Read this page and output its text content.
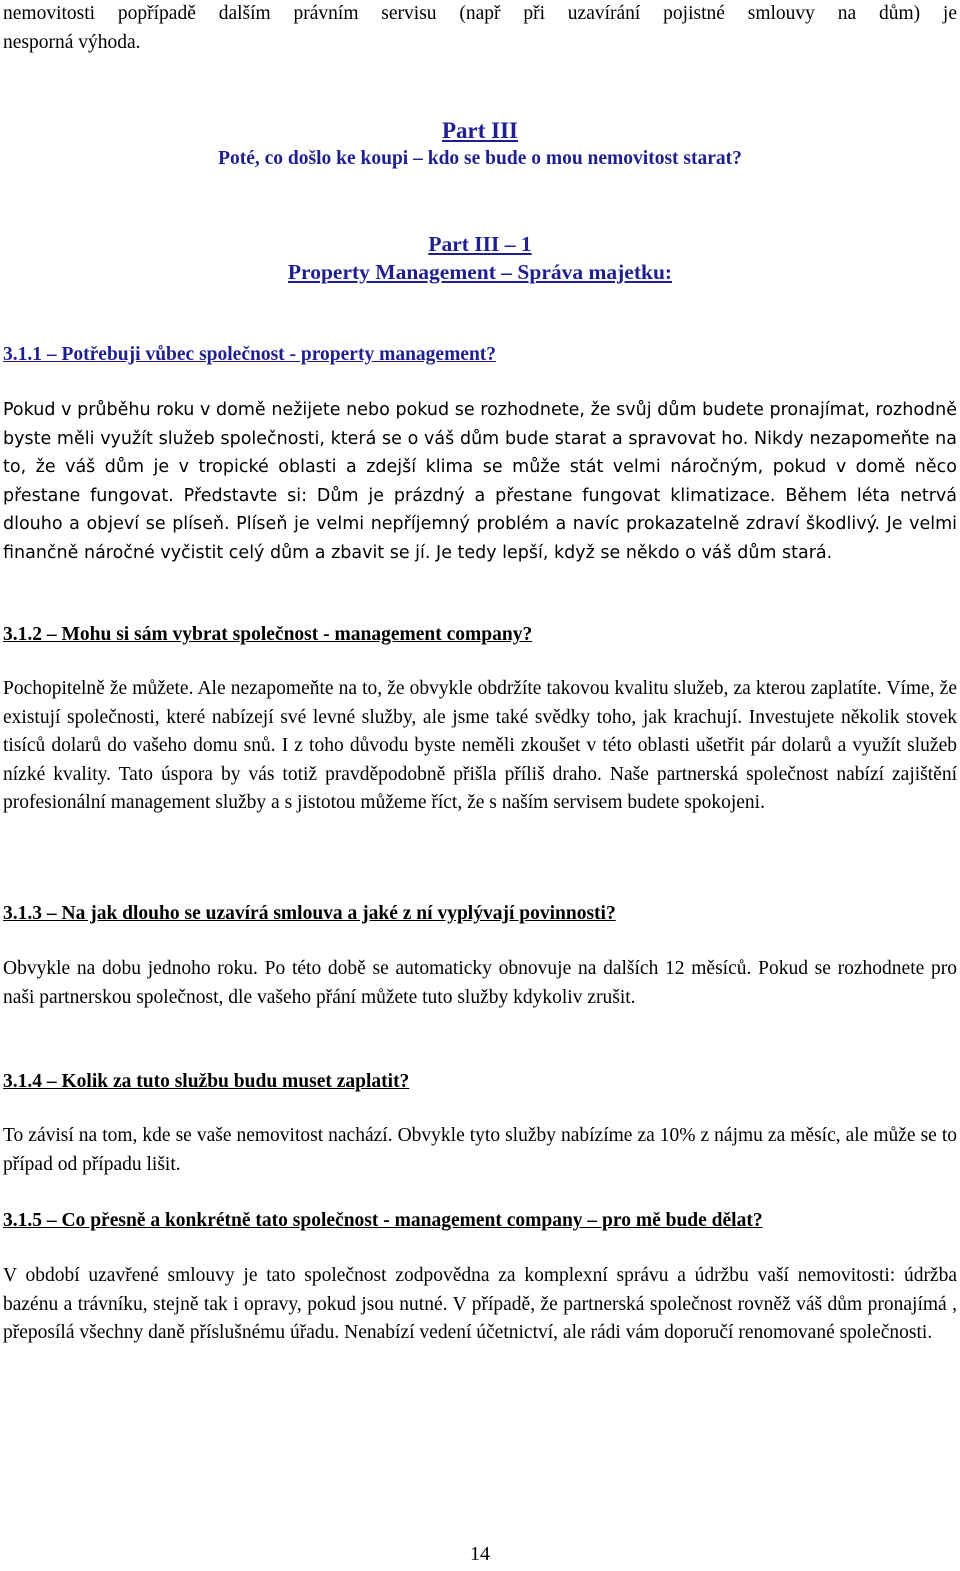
nemovitosti popřípadě dalším právním servisu (např při uzavírání pojistné smlouvy na dům) je

nesporná výhoda.

Part III
Poté, co došlo ke koupi – kdo se bude o mou nemovitost starat?
Part III – 1
Property Management – Správa majetku:
3.1.1 – Potřebuji vůbec společnost - property management?

Pokud v průběhu roku v domě nežijete nebo pokud se rozhodnete, že svůj dům budete pronajímat, rozhodně byste měli využít služeb společnosti, která se o váš dům bude starat a spravovat ho. Nikdy nezapomeňte na to, že váš dům je v tropické oblasti a zdejší klima se může stát velmi náročným, pokud v domě něco přestane fungovat. Představte si: Dům je prázdný a přestane fungovat klimatizace. Během léta netrvá dlouho a objeví se plíseň. Plíseň je velmi nepříjemný problém a navíc prokazatelně zdraví škodlivý. Je velmi finančně náročné vyčistit celý dům a zbavit se jí. Je tedy lepší, když se někdo o váš dům stará.

3.1.2 – Mohu si sám vybrat společnost - management company?

Pochopitelně že můžete. Ale nezapomeňte na to, že obvykle obdržíte takovou kvalitu služeb, za kterou zaplatíte. Víme, že existují společnosti, které nabízejí své levné služby, ale jsme také svědky toho, jak krachují. Investujete několik stovek tisíců dolarů do vašeho domu snů. I z toho důvodu byste neměli zkoušet v této oblasti ušetřit pár dolarů a využít služeb nízké kvality. Tato úspora by vás totiž pravděpodobně přišla příliš draho. Naše partnerská společnost nabízí zajištění profesionální management služby a s jistotou můžeme říct, že s naším servisem budete spokojeni.

3.1.3 – Na jak dlouho se uzavírá smlouva a jaké z ní vyplývají povinnosti?

Obvykle na dobu jednoho roku. Po této době se automaticky obnovuje na dalších 12 měsíců. Pokud se rozhodnete pro naši partnerskou společnost, dle vašeho přání můžete tuto služby kdykoliv zrušit.

3.1.4 – Kolik za tuto službu budu muset zaplatit?

To závisí na tom, kde se vaše nemovitost nachází. Obvykle tyto služby nabízíme za 10% z nájmu za měsíc, ale může se to případ od případu lišit.

3.1.5 – Co přesně a konkrétně tato společnost - management company – pro mě bude dělat?

V období uzavřené smlouvy je tato společnost zodpovědna za komplexní správu a údržbu vaší nemovitosti: údržba bazénu a trávníku, stejně tak i opravy, pokud jsou nutné. V případě, že partnerská společnost rovněž váš dům pronajímá , přeposílá všechny daně příslušnému úřadu. Nenabízí vedení účetnictví, ale rádi vám doporučí renomované společnosti.

14
